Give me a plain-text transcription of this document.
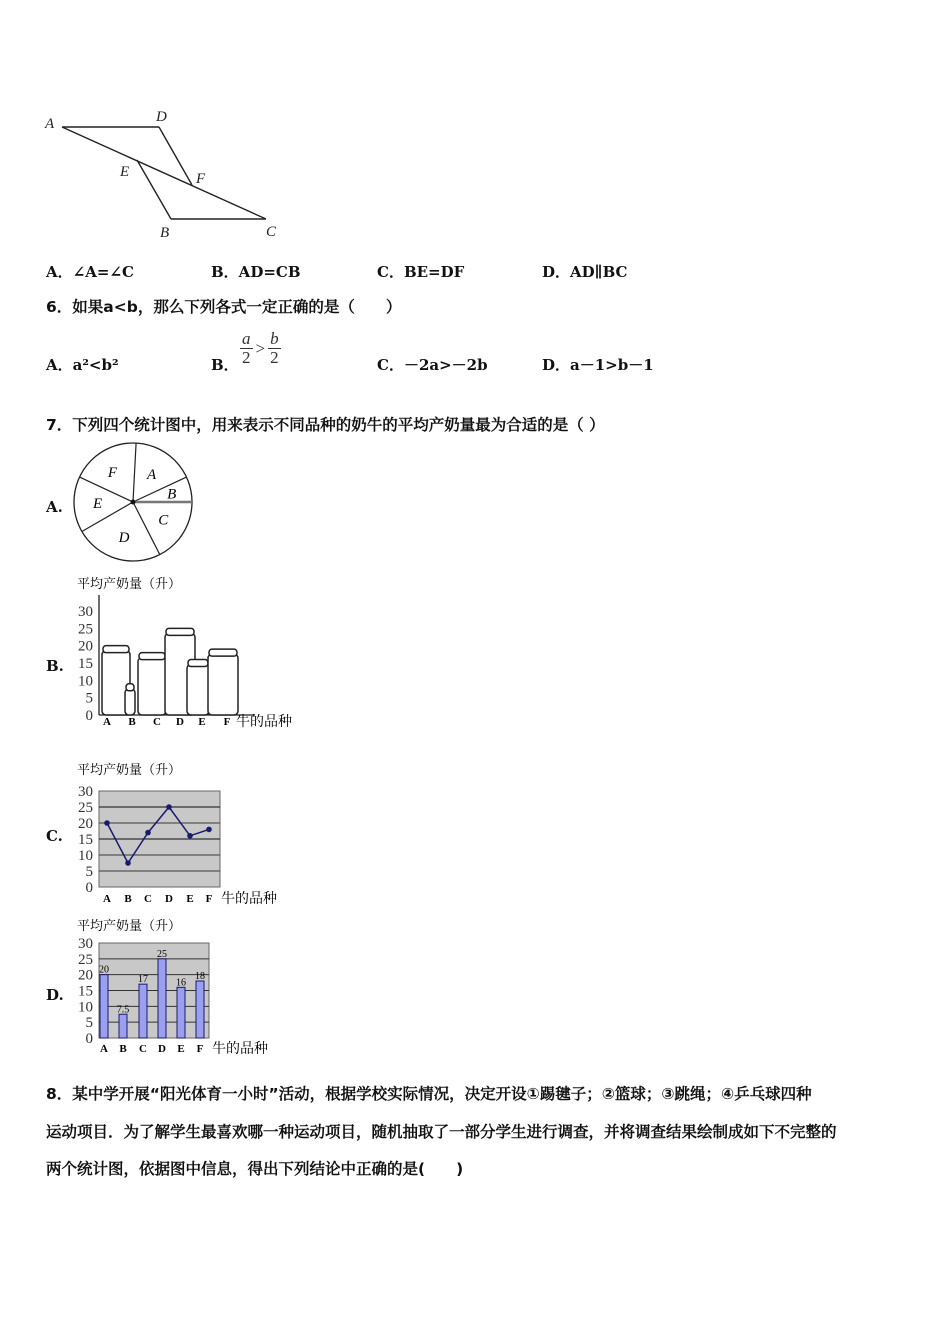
A	D
E	F
B	C
A．∠A=∠C	B．AD=CB	C．BE=DF	D．AD∥BC
6．如果a<b，那么下列各式一定正确的是（　　）
A．a²<b²	B． $\frac{a}{2} > \frac{b}{2}$	C．－2a>－2b	D．a－1>b－1
7．下列四个统计图中，用来表示不同品种的奶牛的平均产奶量最为合适的是（ ）
A.
B.
C.
D.
A
B
C
D
E
F
平均产奶量（升）
0
5
10
15
20
25
30
A B C D E F 牛的品种
平均产奶量（升）
0
5
10
15
20
25
30
A B C D E F 牛的品种
20
7.5
17
25
16
18
平均产奶量（升）
0
5
10
15
20
25
30
A B C D E F 牛的品种
8．某中学开展“阳光体育一小时”活动，根据学校实际情况，决定开设①踢毽子；②篮球；③跳绳；④乒乓球四种
运动项目．为了解学生最喜欢哪一种运动项目，随机抽取了一部分学生进行调查，并将调查结果绘制成如下不完整的
两个统计图，依据图中信息，得出下列结论中正确的是(　　)
